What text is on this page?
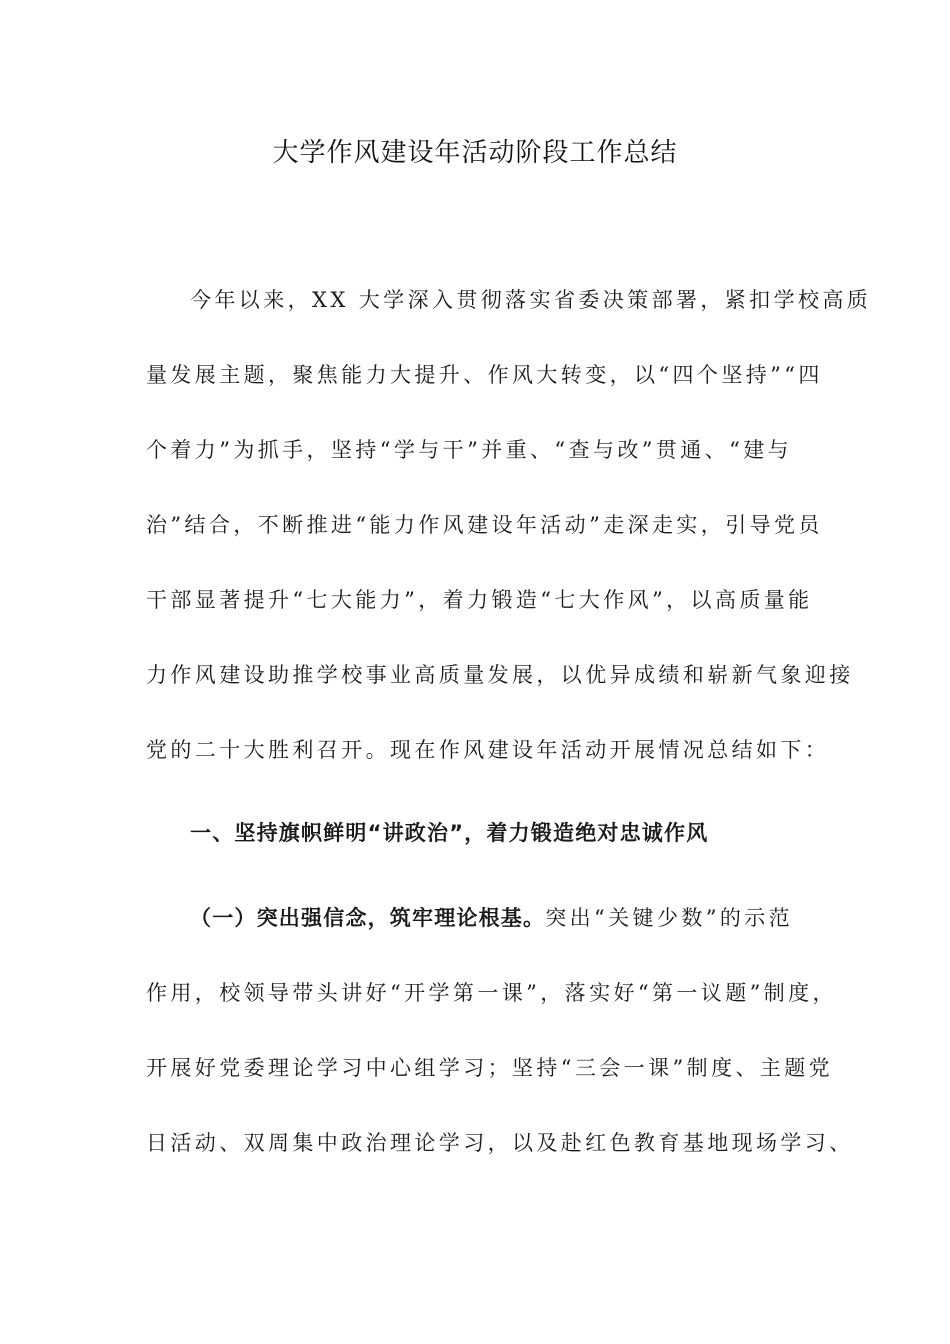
大学作风建设年活动阶段工作总结
今年以来，XX 大学深入贯彻落实省委决策部署，紧扣学校高质
量发展主题，聚焦能力大提升、作风大转变，以“四个坚持”“四
个着力”为抓手，坚持“学与干”并重、“查与改”贯通、“建与
治”结合，不断推进“能力作风建设年活动”走深走实，引导党员
干部显著提升“七大能力”，着力锻造“七大作风”，以高质量能
力作风建设助推学校事业高质量发展，以优异成绩和崭新气象迎接
党的二十大胜利召开。现在作风建设年活动开展情况总结如下：
一、坚持旗帜鲜明“讲政治”，着力锻造绝对忠诚作风
（一）突出强信念，筑牢理论根基。突出“关键少数”的示范
作用，校领导带头讲好“开学第一课”，落实好“第一议题”制度，
开展好党委理论学习中心组学习；坚持“三会一课”制度、主题党
日活动、双周集中政治理论学习，以及赴红色教育基地现场学习、
